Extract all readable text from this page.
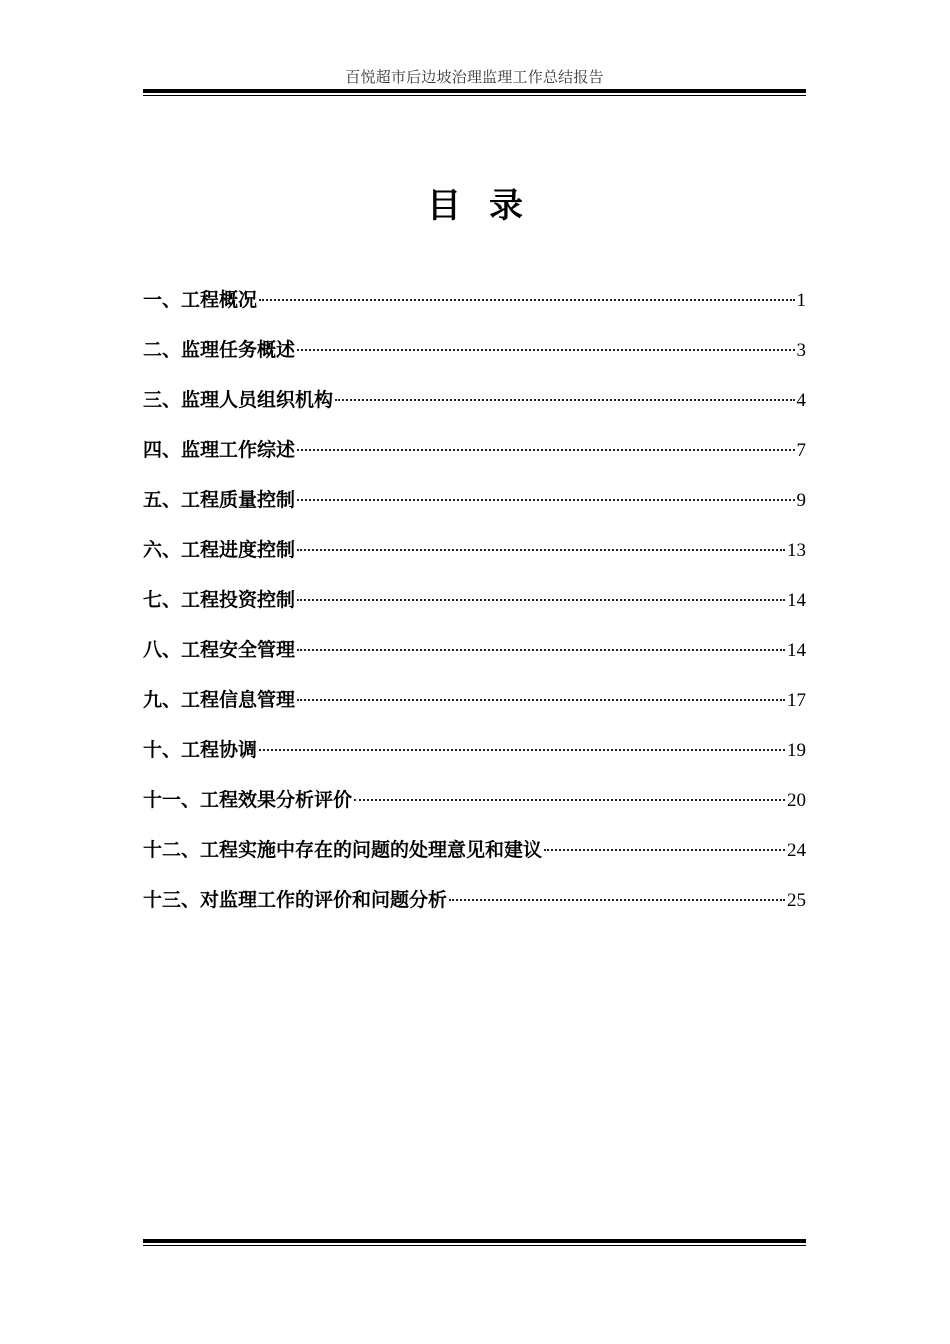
百悦超市后边坡治理监理工作总结报告
目录
一、工程概况	1
二、监理任务概述	3
三、监理人员组织机构	4
四、监理工作综述	7
五、工程质量控制	9
六、工程进度控制	13
七、工程投资控制	14
八、工程安全管理	14
九、工程信息管理	17
十、工程协调	19
十一、工程效果分析评价	20
十二、工程实施中存在的问题的处理意见和建议	24
十三、对监理工作的评价和问题分析	25
